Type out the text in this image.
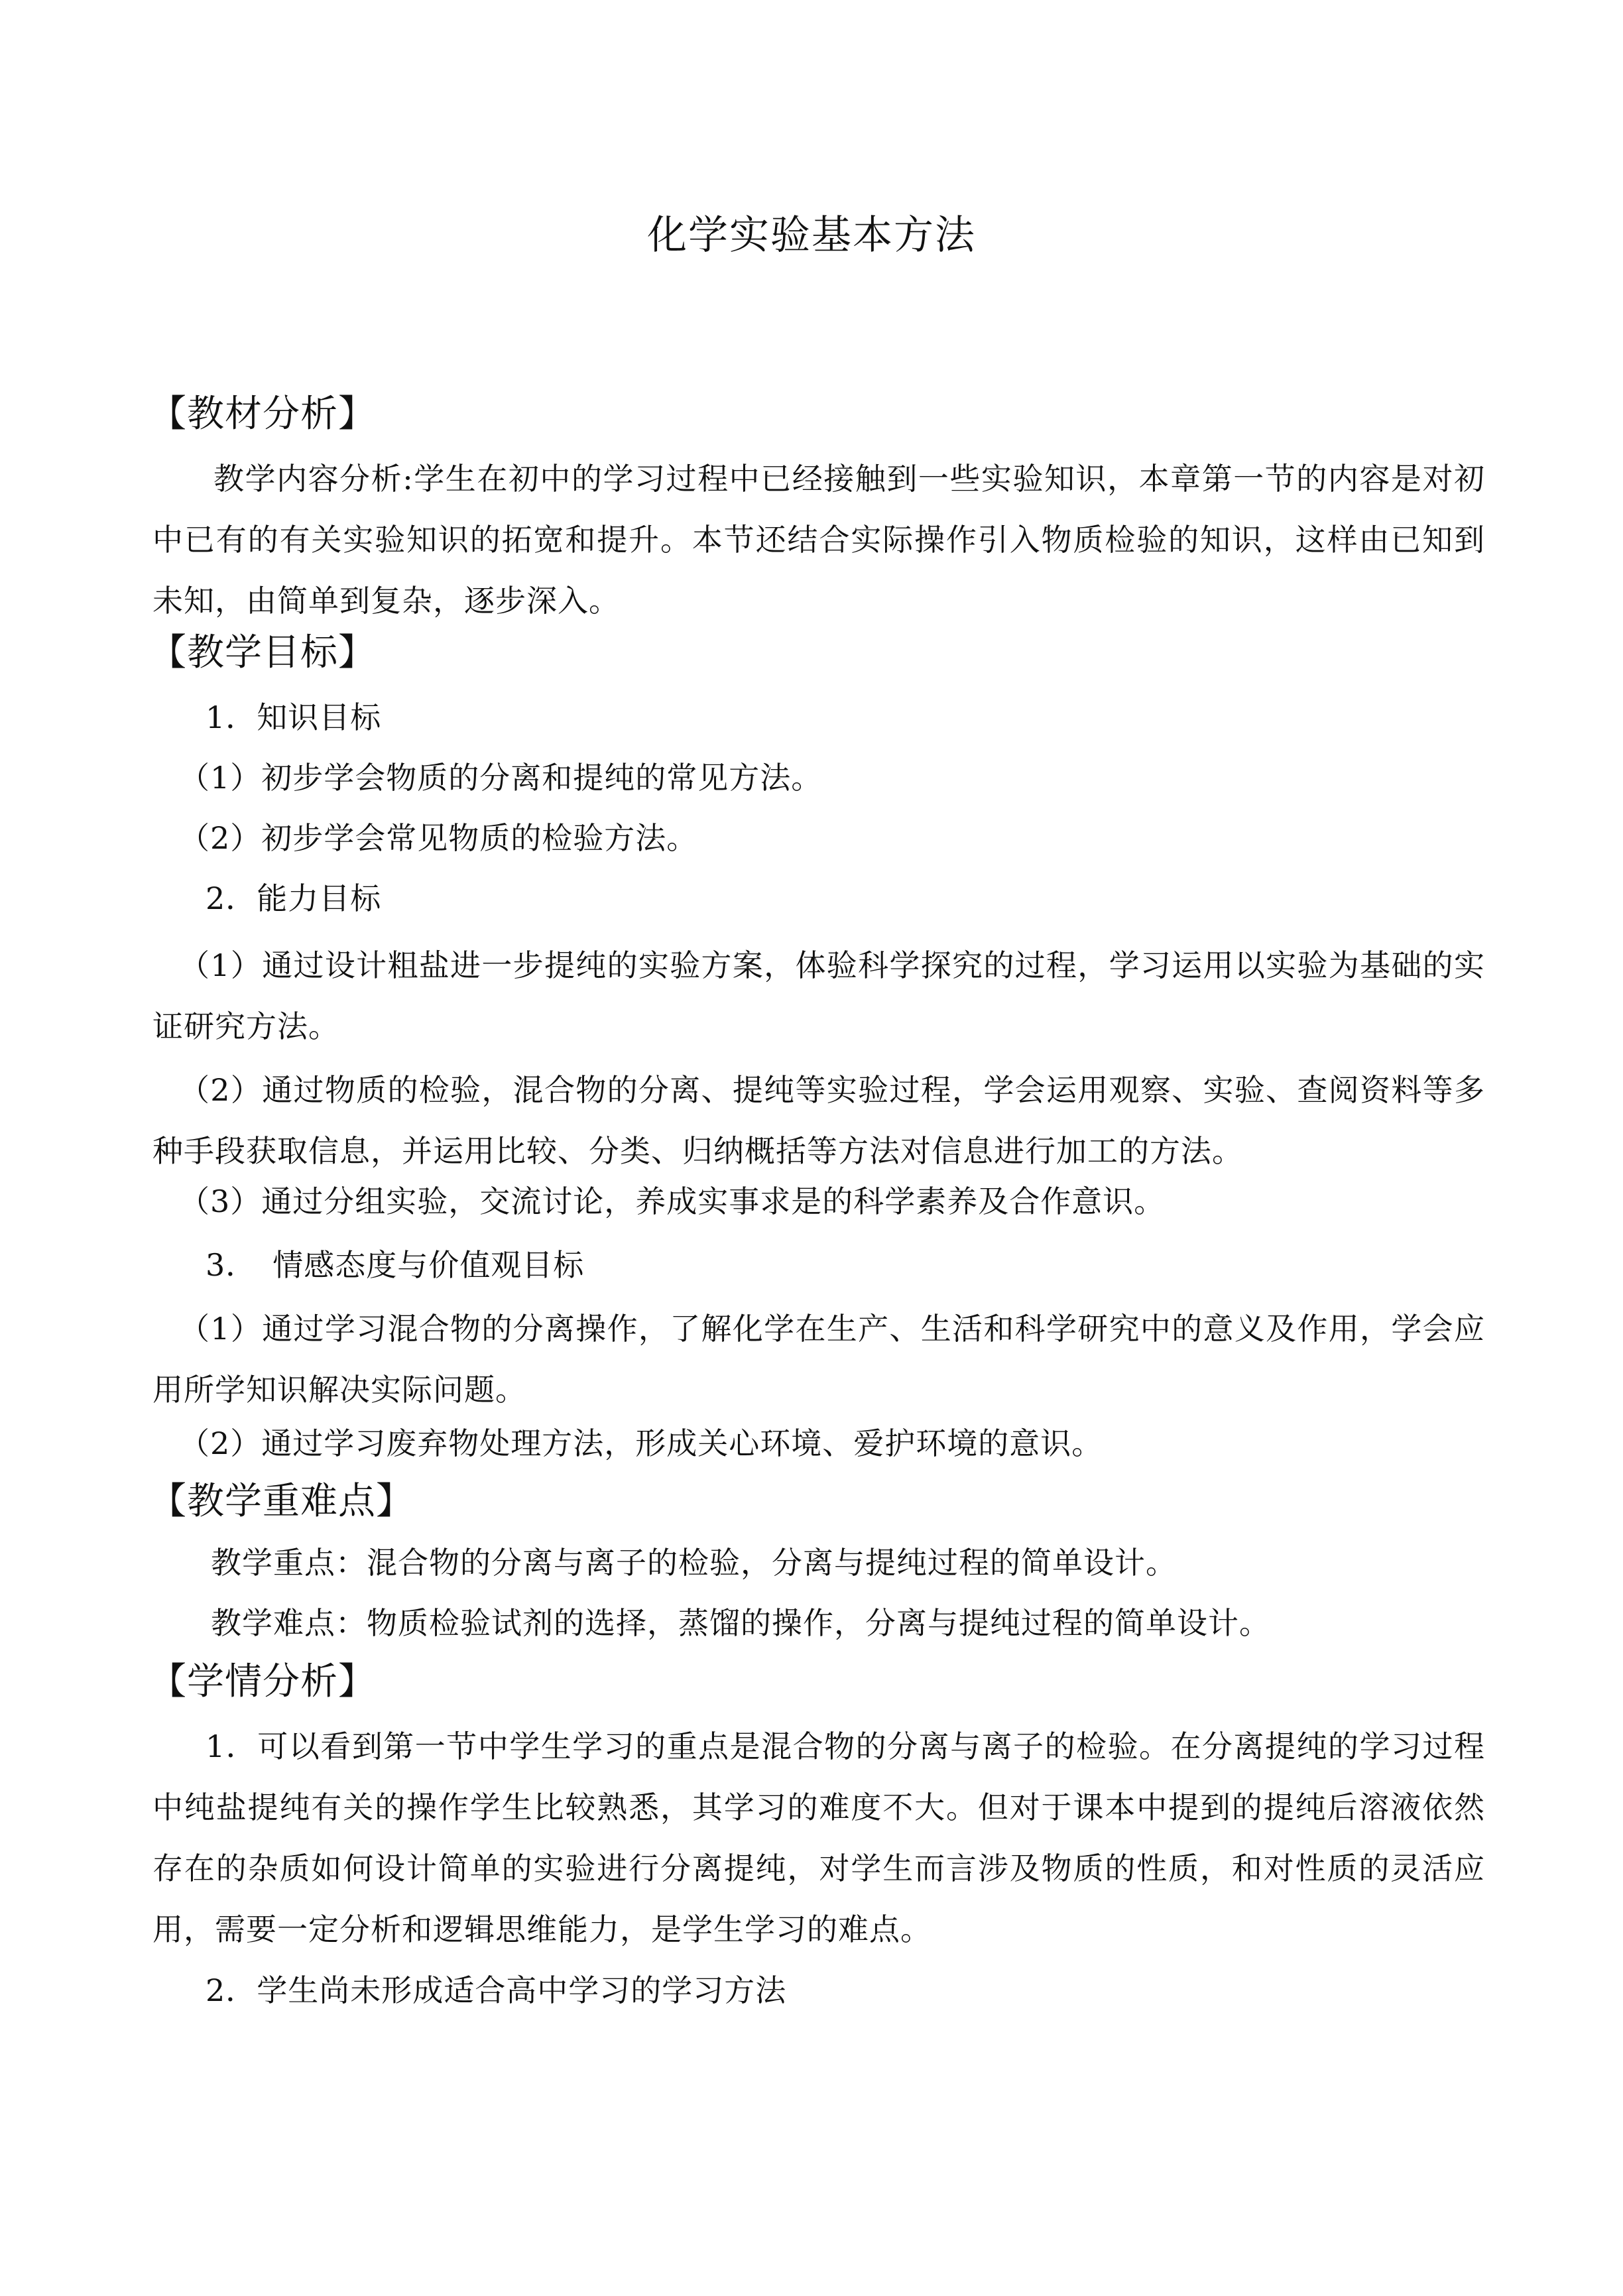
化学实验基本方法
【教材分析】
教学内容分析:学生在初中的学习过程中已经接触到一些实验知识，本章第一节的内容是对初中已有的有关实验知识的拓宽和提升。本节还结合实际操作引入物质检验的知识，这样由已知到未知，由简单到复杂，逐步深入。
【教学目标】
1．知识目标
（1）初步学会物质的分离和提纯的常见方法。
（2）初步学会常见物质的检验方法。
2．能力目标
（1）通过设计粗盐进一步提纯的实验方案，体验科学探究的过程，学习运用以实验为基础的实证研究方法。
（2）通过物质的检验，混合物的分离、提纯等实验过程，学会运用观察、实验、查阅资料等多种手段获取信息，并运用比较、分类、归纳概括等方法对信息进行加工的方法。
（3）通过分组实验，交流讨论，养成实事求是的科学素养及合作意识。
3．　情感态度与价值观目标
（1）通过学习混合物的分离操作，了解化学在生产、生活和科学研究中的意义及作用，学会应用所学知识解决实际问题。
（2）通过学习废弃物处理方法，形成关心环境、爱护环境的意识。
【教学重难点】
教学重点：混合物的分离与离子的检验，分离与提纯过程的简单设计。
教学难点：物质检验试剂的选择，蒸馏的操作，分离与提纯过程的简单设计。
【学情分析】
1．可以看到第一节中学生学习的重点是混合物的分离与离子的检验。在分离提纯的学习过程中纯盐提纯有关的操作学生比较熟悉，其学习的难度不大。但对于课本中提到的提纯后溶液依然存在的杂质如何设计简单的实验进行分离提纯，对学生而言涉及物质的性质，和对性质的灵活应用，需要一定分析和逻辑思维能力，是学生学习的难点。
2．学生尚未形成适合高中学习的学习方法
